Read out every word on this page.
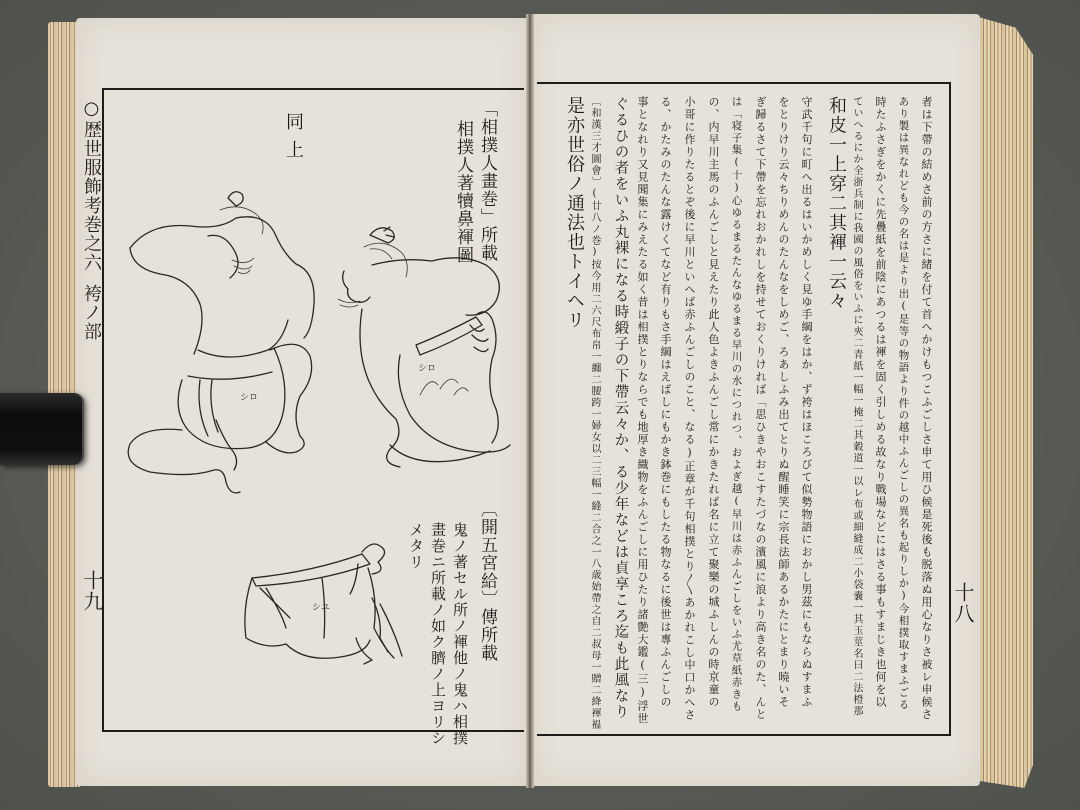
○歴世服飾考巻之六袴ノ部
十九	十八
「相撲人畫巻」所載
相撲人著犢鼻褌圖
同上
〔開五宮給〕傳所載
鬼ノ著セル所ノ褌他ノ鬼ハ相撲
畫巻ニ所載ノ如ク臍ノ上ヨリシ
メタリ
シロ
シロ
シユ	者は下帶の結めさ前の方さに緒を付て首へかけもつこふごしさ申て用ひ候是死後も脱落ぬ用心なりさ被レ申候さ
あり製は異なれども今の名は是より出(是等の物語より件の越中ふんごしの異名も起りしか)今相撲取すまふごる
時たふさぎをかくに先疊紙を前陰にあつるは褌を固く引しめる故なり戰場などにはさる事もすまじき也何を以
ていへるにか全浙兵制に我國の風俗をいふに夾二青紙一幅一掩二其穀道一以レ布或細縫成二小袋嚢一其玉莖名曰二法橙那
和皮一上穿二其褌一云々
守武千句に町へ出るはいかめしく見ゆ手綱をはか、ず袴はほころびて似勢物語におかし男茲にもならぬすまふ
をとりけり云々ちりめんのたんなをしめご、ろあしふみ出てとりぬ醒睡笑に宗長法師あるかたにとまり曉いそ
ぎ歸るさて下帶を忘れおかれしを持せておくりければ「思ひきやおこすたづなの濱風に浪より高き名のた、んと
は「寝子集(十)心ゆるまるたんなゆるまる早川の水につれつ、およぎ越(早川は赤ふんごしをいふ尤草紙赤きも
の、内早川主馬のふんごしと見えたり此人色よきふんごし常にかきたれば名に立て聚樂の城ふしんの時京童の
小哥に作りたるとぞ後に早川といへば赤ふんごしのこと、なる)正章が千句相撲とり〳〵あかれこし中口かへさ
る、かたみのたんな露けくてなど有りもさ手綱はえばしにもかき鉢巻にもしたる物なるに後世は專ふんごしの
事となれり又見聞集にみえたる如く昔は相撲とりならでも地厚き織物をふんごしに用ひたり諸艶大鑑(三)浮世
ぐるひの者をいふ丸裸になる時緞子の下帶云々か、る少年などは貞享ころ迄も此風なり
〔和漢三才圖會〕(廿八ノ巻)按今用二六尺布帛一纏二腰跨一婦女以二三幅一縫二合之一八歳始帶之自二叔母一贈二絳褌褞一
是亦世俗ノ通法也トイヘリ
